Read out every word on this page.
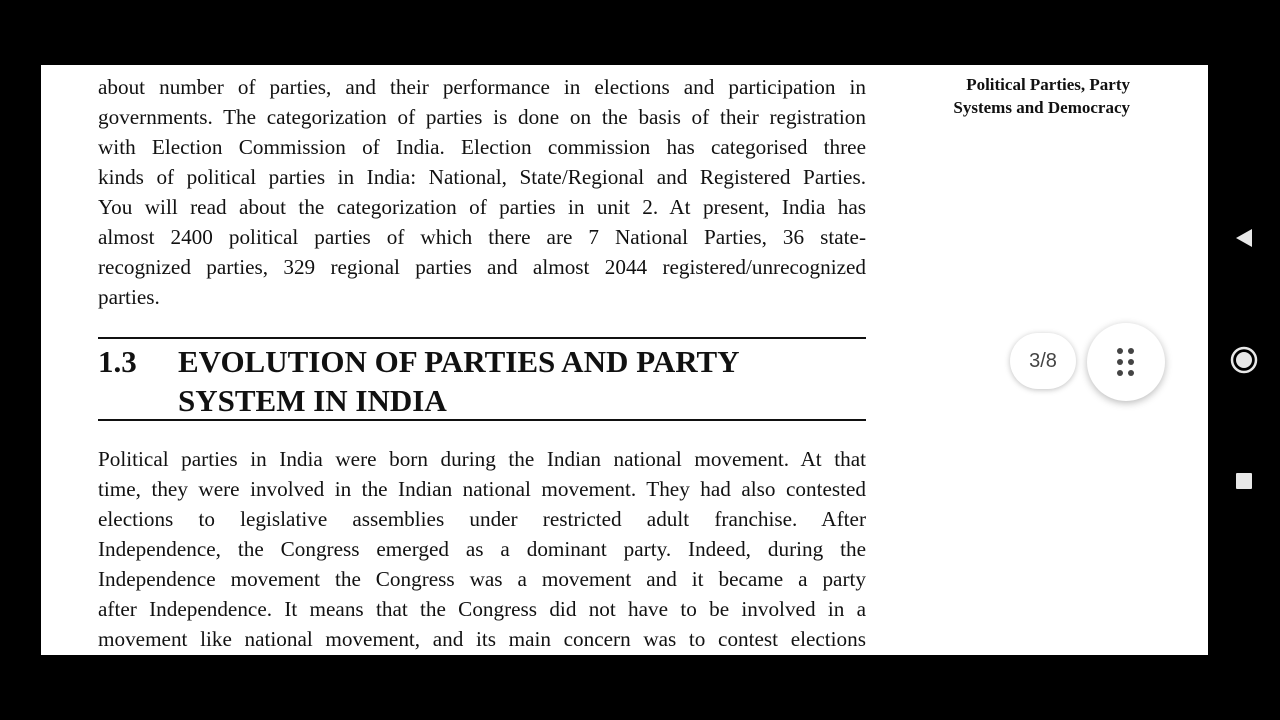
Political Parties, Party
Systems and Democracy
about number of parties, and their performance in elections and participation in
governments. The categorization of parties is done on the basis of their registration
with Election Commission of India. Election commission has categorised three
kinds of political parties in India: National, State/Regional and Registered Parties.
You will read about the categorization of parties in unit 2. At present, India has
almost 2400 political parties of which there are 7 National Parties, 36 state-
recognized parties, 329 regional parties and almost 2044 registered/unrecognized
parties.
1.3 EVOLUTION OF PARTIES AND PARTY
SYSTEM IN INDIA
Political parties in India were born during the Indian national movement. At that
time, they were involved in the Indian national movement. They had also contested
elections to legislative assemblies under restricted adult franchise. After
Independence, the Congress emerged as a dominant party. Indeed, during the
Independence movement the Congress was a movement and it became a party
after Independence. It means that the Congress did not have to be involved in a
movement like national movement, and its main concern was to contest elections
3/8
